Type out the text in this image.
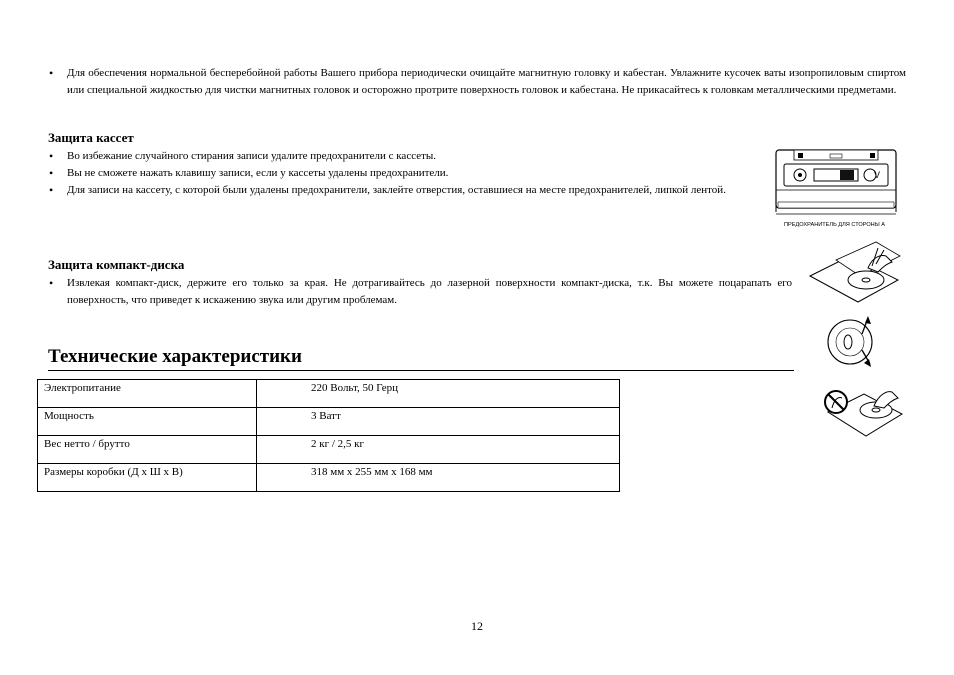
• Для обеспечения нормальной бесперебойной работы Вашего прибора периодически очищайте магнитную головку и кабестан. Увлажните кусочек ваты изопропиловым спиртом или специальной жидкостью для чистки магнитных головок и осторожно протрите поверхность головок и кабестана. Не прикасайтесь к головкам металлическими предметами.
Защита кассет
• Во избежание случайного стирания записи удалите предохранители с кассеты.
• Вы не сможете нажать клавишу записи, если у кассеты удалены предохранители.
• Для записи на кассету, с которой были удалены предохранители, заклейте отверстия, оставшиеся на месте предохранителей, липкой лентой.
V
ПРЕДОХРАНИТЕЛЬ ДЛЯ СТОРОНЫ А
Защита компакт-диска
• Извлекая компакт-диск, держите его только за края. Не дотрагивайтесь до лазерной поверхности компакт-диска, т.к. Вы можете поцарапать его поверхность, что приведет к искажению звука или другим проблемам.
Технические характеристики
Электропитание	220 Вольт, 50 Герц
Мощность	3 Ватт
Вес нетто / брутто	2 кг / 2,5 кг
Размеры коробки (Д х Ш х В)	318 мм х 255 мм х 168 мм
12
